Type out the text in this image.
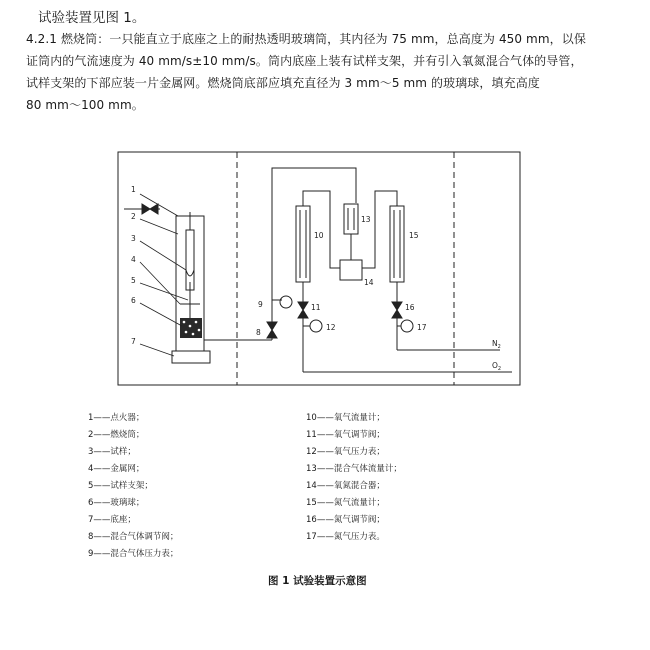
试验装置见图 1。
4.2.1 燃烧筒：一只能直立于底座之上的耐热透明玻璃筒，其内径为 75 mm，总高度为 450 mm，以保
证筒内的气流速度为 40 mm/s±10 mm/s。筒内底座上装有试样支架，并有引入氧氮混合气体的导管，
试样支架的下部应装一片金属网。燃烧筒底部应填充直径为 3 mm～5 mm 的玻璃球，填充高度
80 mm～100 mm。
1
2
3
4
5
6
7
8
9
10
11
12
13
14
15
16
17
$N_2$
$O_2$
1——点火器；
2——燃烧筒；
3——试样；
4——金属网；
5——试样支架；
6——玻璃球；
7——底座；
8——混合气体调节阀；
9——混合气体压力表；
10——氧气流量计；
11——氧气调节阀；
12——氧气压力表；
13——混合气体流量计；
14——氧氮混合器；
15——氮气流量计；
16——氮气调节阀；
17——氮气压力表。
图 1 试验装置示意图
